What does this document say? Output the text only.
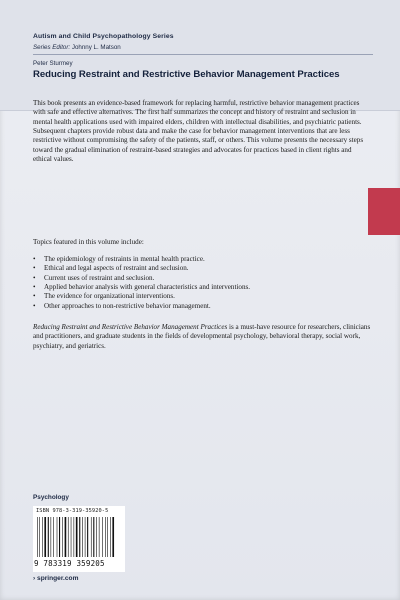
Autism and Child Psychopathology Series
Series Editor: Johnny L. Matson
Peter Sturmey
Reducing Restraint and Restrictive Behavior Management Practices

This book presents an evidence-based framework for replacing harmful, restrictive behavior management practices with safe and effective alternatives. The first half summarizes the concept and history of restraint and seclusion in mental health applications used with impaired elders, children with intellectual disabilities, and psychiatric patients. Subsequent chapters provide robust data and make the case for behavior management interventions that are less restrictive without compromising the safety of the patients, staff, or others. This volume presents the necessary steps toward the gradual elimination of restraint-based strategies and advocates for practices based in client rights and ethical values.

Topics featured in this volume include:

• The epidemiology of restraints in mental health practice.
• Ethical and legal aspects of restraint and seclusion.
• Current uses of restraint and seclusion.
• Applied behavior analysis with general characteristics and interventions.
• The evidence for organizational interventions.
• Other approaches to non-restrictive behavior management.

Reducing Restraint and Restrictive Behavior Management Practices is a must-have resource for researchers, clinicians and practitioners, and graduate students in the fields of developmental psychology, behavioral therapy, social work, psychiatry, and geriatrics.

Psychology
ISBN 978-3-319-35920-5
9 783319 359205
› springer.com
